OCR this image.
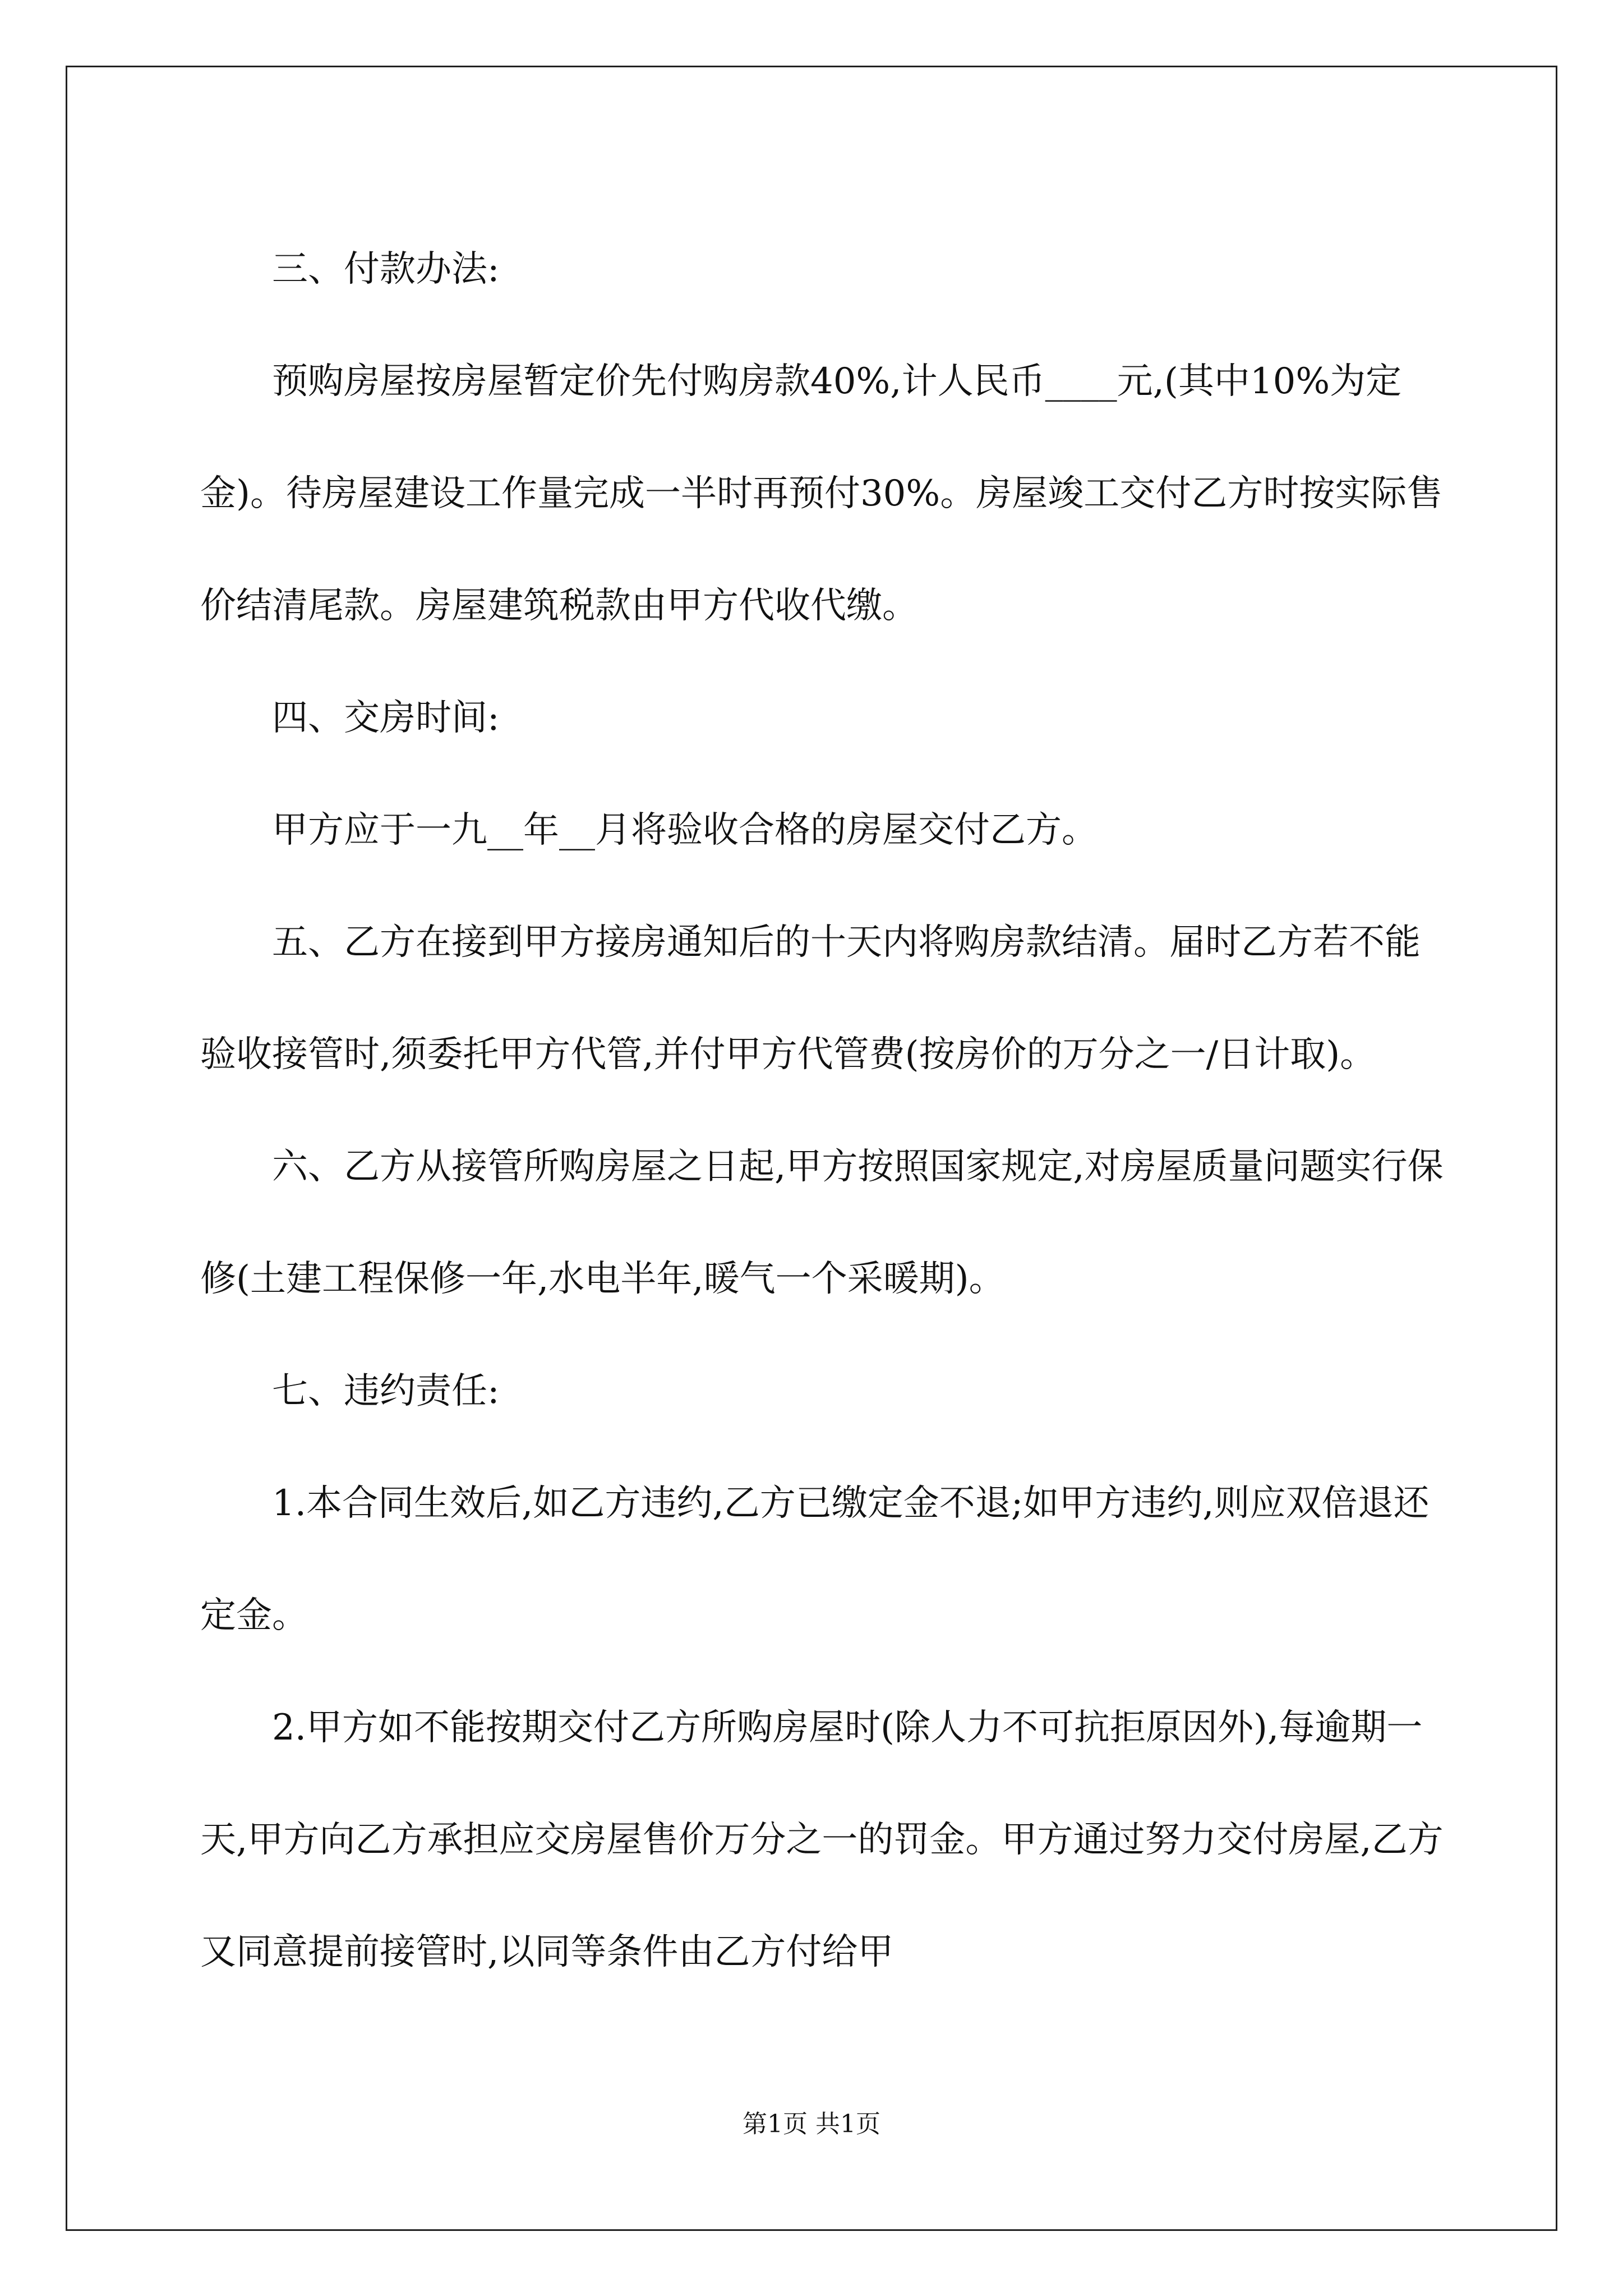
三、付款办法:

预购房屋按房屋暂定价先付购房款40%,计人民币____元,(其中10%为定金)。待房屋建设工作量完成一半时再预付30%。房屋竣工交付乙方时按实际售价结清尾款。房屋建筑税款由甲方代收代缴。

四、交房时间:

甲方应于一九__年__月将验收合格的房屋交付乙方。

五、乙方在接到甲方接房通知后的十天内将购房款结清。届时乙方若不能验收接管时,须委托甲方代管,并付甲方代管费(按房价的万分之一/日计取)。

六、乙方从接管所购房屋之日起,甲方按照国家规定,对房屋质量问题实行保修(土建工程保修一年,水电半年,暖气一个采暖期)。

七、违约责任:

1.本合同生效后,如乙方违约,乙方已缴定金不退;如甲方违约,则应双倍退还定金。

2.甲方如不能按期交付乙方所购房屋时(除人力不可抗拒原因外),每逾期一天,甲方向乙方承担应交房屋售价万分之一的罚金。甲方通过努力交付房屋,乙方又同意提前接管时,以同等条件由乙方付给甲

第1页 共1页
